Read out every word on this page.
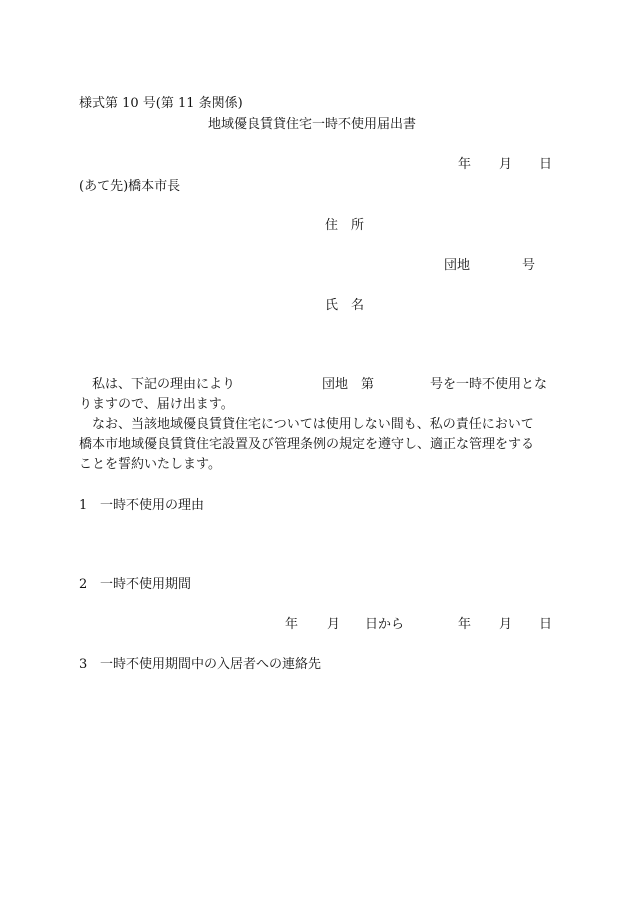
様式第 10 号(第 11 条関係)
地域優良賃貸住宅一時不使用届出書
年 月 日
(あて先)橋本市長
住　所
団地	号
氏　名
私は、下記の理由により	団地　第	号を一時不使用とな
りますので、届け出ます。
なお、当該地域優良賃貸住宅については使用しない間も、私の責任において
橋本市地域優良賃貸住宅設置及び管理条例の規定を遵守し、適正な管理をする
ことを誓約いたします。
1 一時不使用の理由
2 一時不使用期間
年 月 日から	年 月 日
3 一時不使用期間中の入居者への連絡先
